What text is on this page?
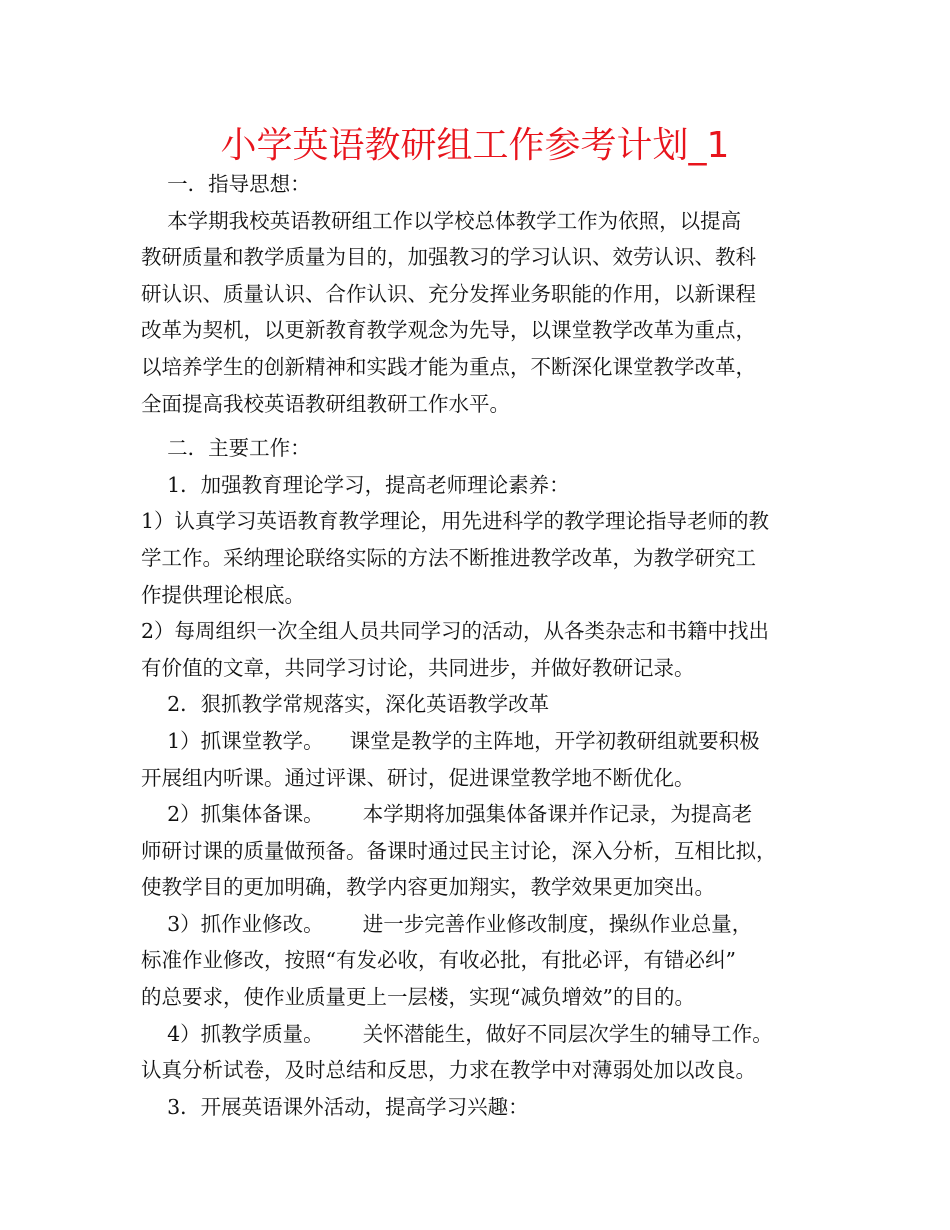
小学英语教研组工作参考计划_1
一．指导思想：
本学期我校英语教研组工作以学校总体教学工作为依照，以提高
教研质量和教学质量为目的，加强教习的学习认识、效劳认识、教科
研认识、质量认识、合作认识、充分发挥业务职能的作用，以新课程
改革为契机，以更新教育教学观念为先导，以课堂教学改革为重点，
以培养学生的创新精神和实践才能为重点，不断深化课堂教学改革，
全面提高我校英语教研组教研工作水平。
二．主要工作：
1．加强教育理论学习，提高老师理论素养：
1）认真学习英语教育教学理论，用先进科学的教学理论指导老师的教
学工作。采纳理论联络实际的方法不断推进教学改革，为教学研究工
作提供理论根底。
2）每周组织一次全组人员共同学习的活动，从各类杂志和书籍中找出
有价值的文章，共同学习讨论，共同进步，并做好教研记录。
2．狠抓教学常规落实，深化英语教学改革
1）抓课堂教学。    课堂是教学的主阵地，开学初教研组就要积极
开展组内听课。通过评课、研讨，促进课堂教学地不断优化。
2）抓集体备课。      本学期将加强集体备课并作记录，为提高老
师研讨课的质量做预备。备课时通过民主讨论，深入分析，互相比拟，
使教学目的更加明确，教学内容更加翔实，教学效果更加突出。
3）抓作业修改。      进一步完善作业修改制度，操纵作业总量，
标准作业修改，按照“有发必收，有收必批，有批必评，有错必纠”
的总要求，使作业质量更上一层楼，实现“减负增效”的目的。
4）抓教学质量。      关怀潜能生，做好不同层次学生的辅导工作。
认真分析试卷，及时总结和反思，力求在教学中对薄弱处加以改良。
3．开展英语课外活动，提高学习兴趣：
